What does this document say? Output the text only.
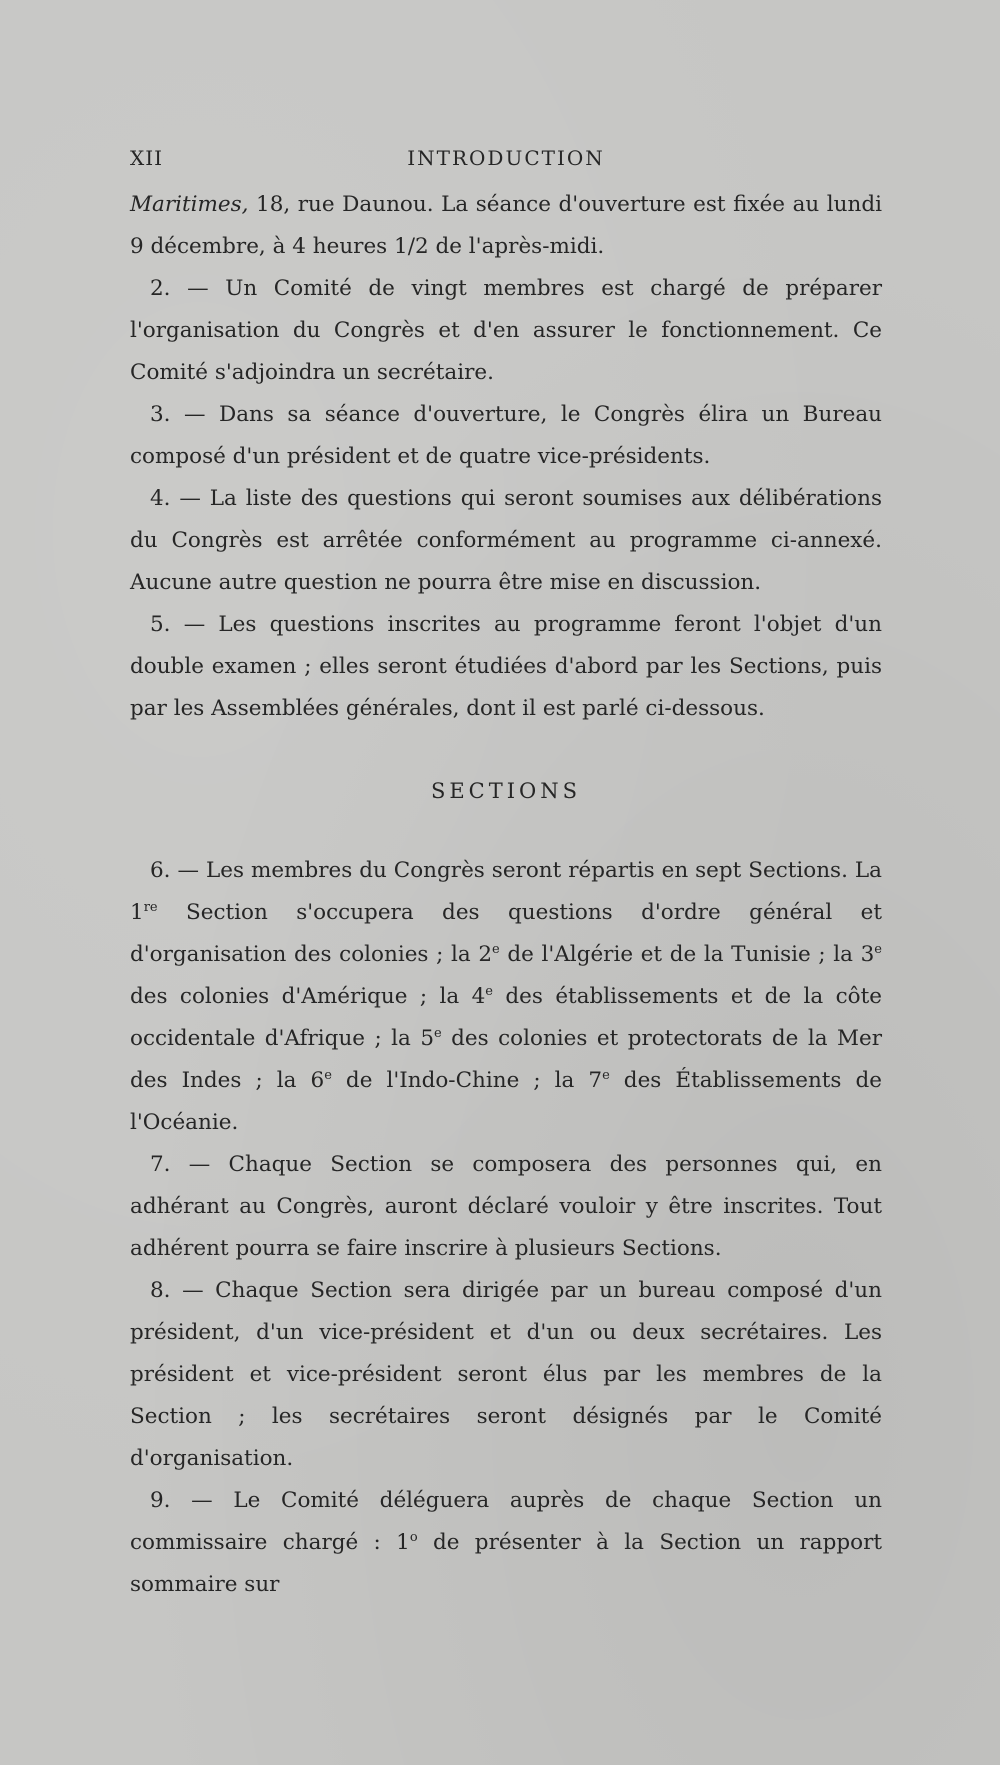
XII	INTRODUCTION

Maritimes, 18, rue Daunou. La séance d'ouverture est fixée au lundi 9 décembre, à 4 heures 1/2 de l'après-midi.

2. — Un Comité de vingt membres est chargé de préparer l'organisation du Congrès et d'en assurer le fonctionnement. Ce Comité s'adjoindra un secrétaire.

3. — Dans sa séance d'ouverture, le Congrès élira un Bureau composé d'un président et de quatre vice-présidents.

4. — La liste des questions qui seront soumises aux délibérations du Congrès est arrêtée conformément au programme ci-annexé. Aucune autre question ne pourra être mise en discussion.

5. — Les questions inscrites au programme feront l'objet d'un double examen ; elles seront étudiées d'abord par les Sections, puis par les Assemblées générales, dont il est parlé ci-dessous.

SECTIONS

6. — Les membres du Congrès seront répartis en sept Sections. La 1re Section s'occupera des questions d'ordre général et d'organisation des colonies ; la 2e de l'Algérie et de la Tunisie ; la 3e des colonies d'Amérique ; la 4e des établissements et de la côte occidentale d'Afrique ; la 5e des colonies et protectorats de la Mer des Indes ; la 6e de l'Indo-Chine ; la 7e des Établissements de l'Océanie.

7. — Chaque Section se composera des personnes qui, en adhérant au Congrès, auront déclaré vouloir y être inscrites. Tout adhérent pourra se faire inscrire à plusieurs Sections.

8. — Chaque Section sera dirigée par un bureau composé d'un président, d'un vice-président et d'un ou deux secrétaires. Les président et vice-président seront élus par les membres de la Section ; les secrétaires seront désignés par le Comité d'organisation.

9. — Le Comité déléguera auprès de chaque Section un commissaire chargé : 1$^o$ de présenter à la Section un rapport sommaire sur
